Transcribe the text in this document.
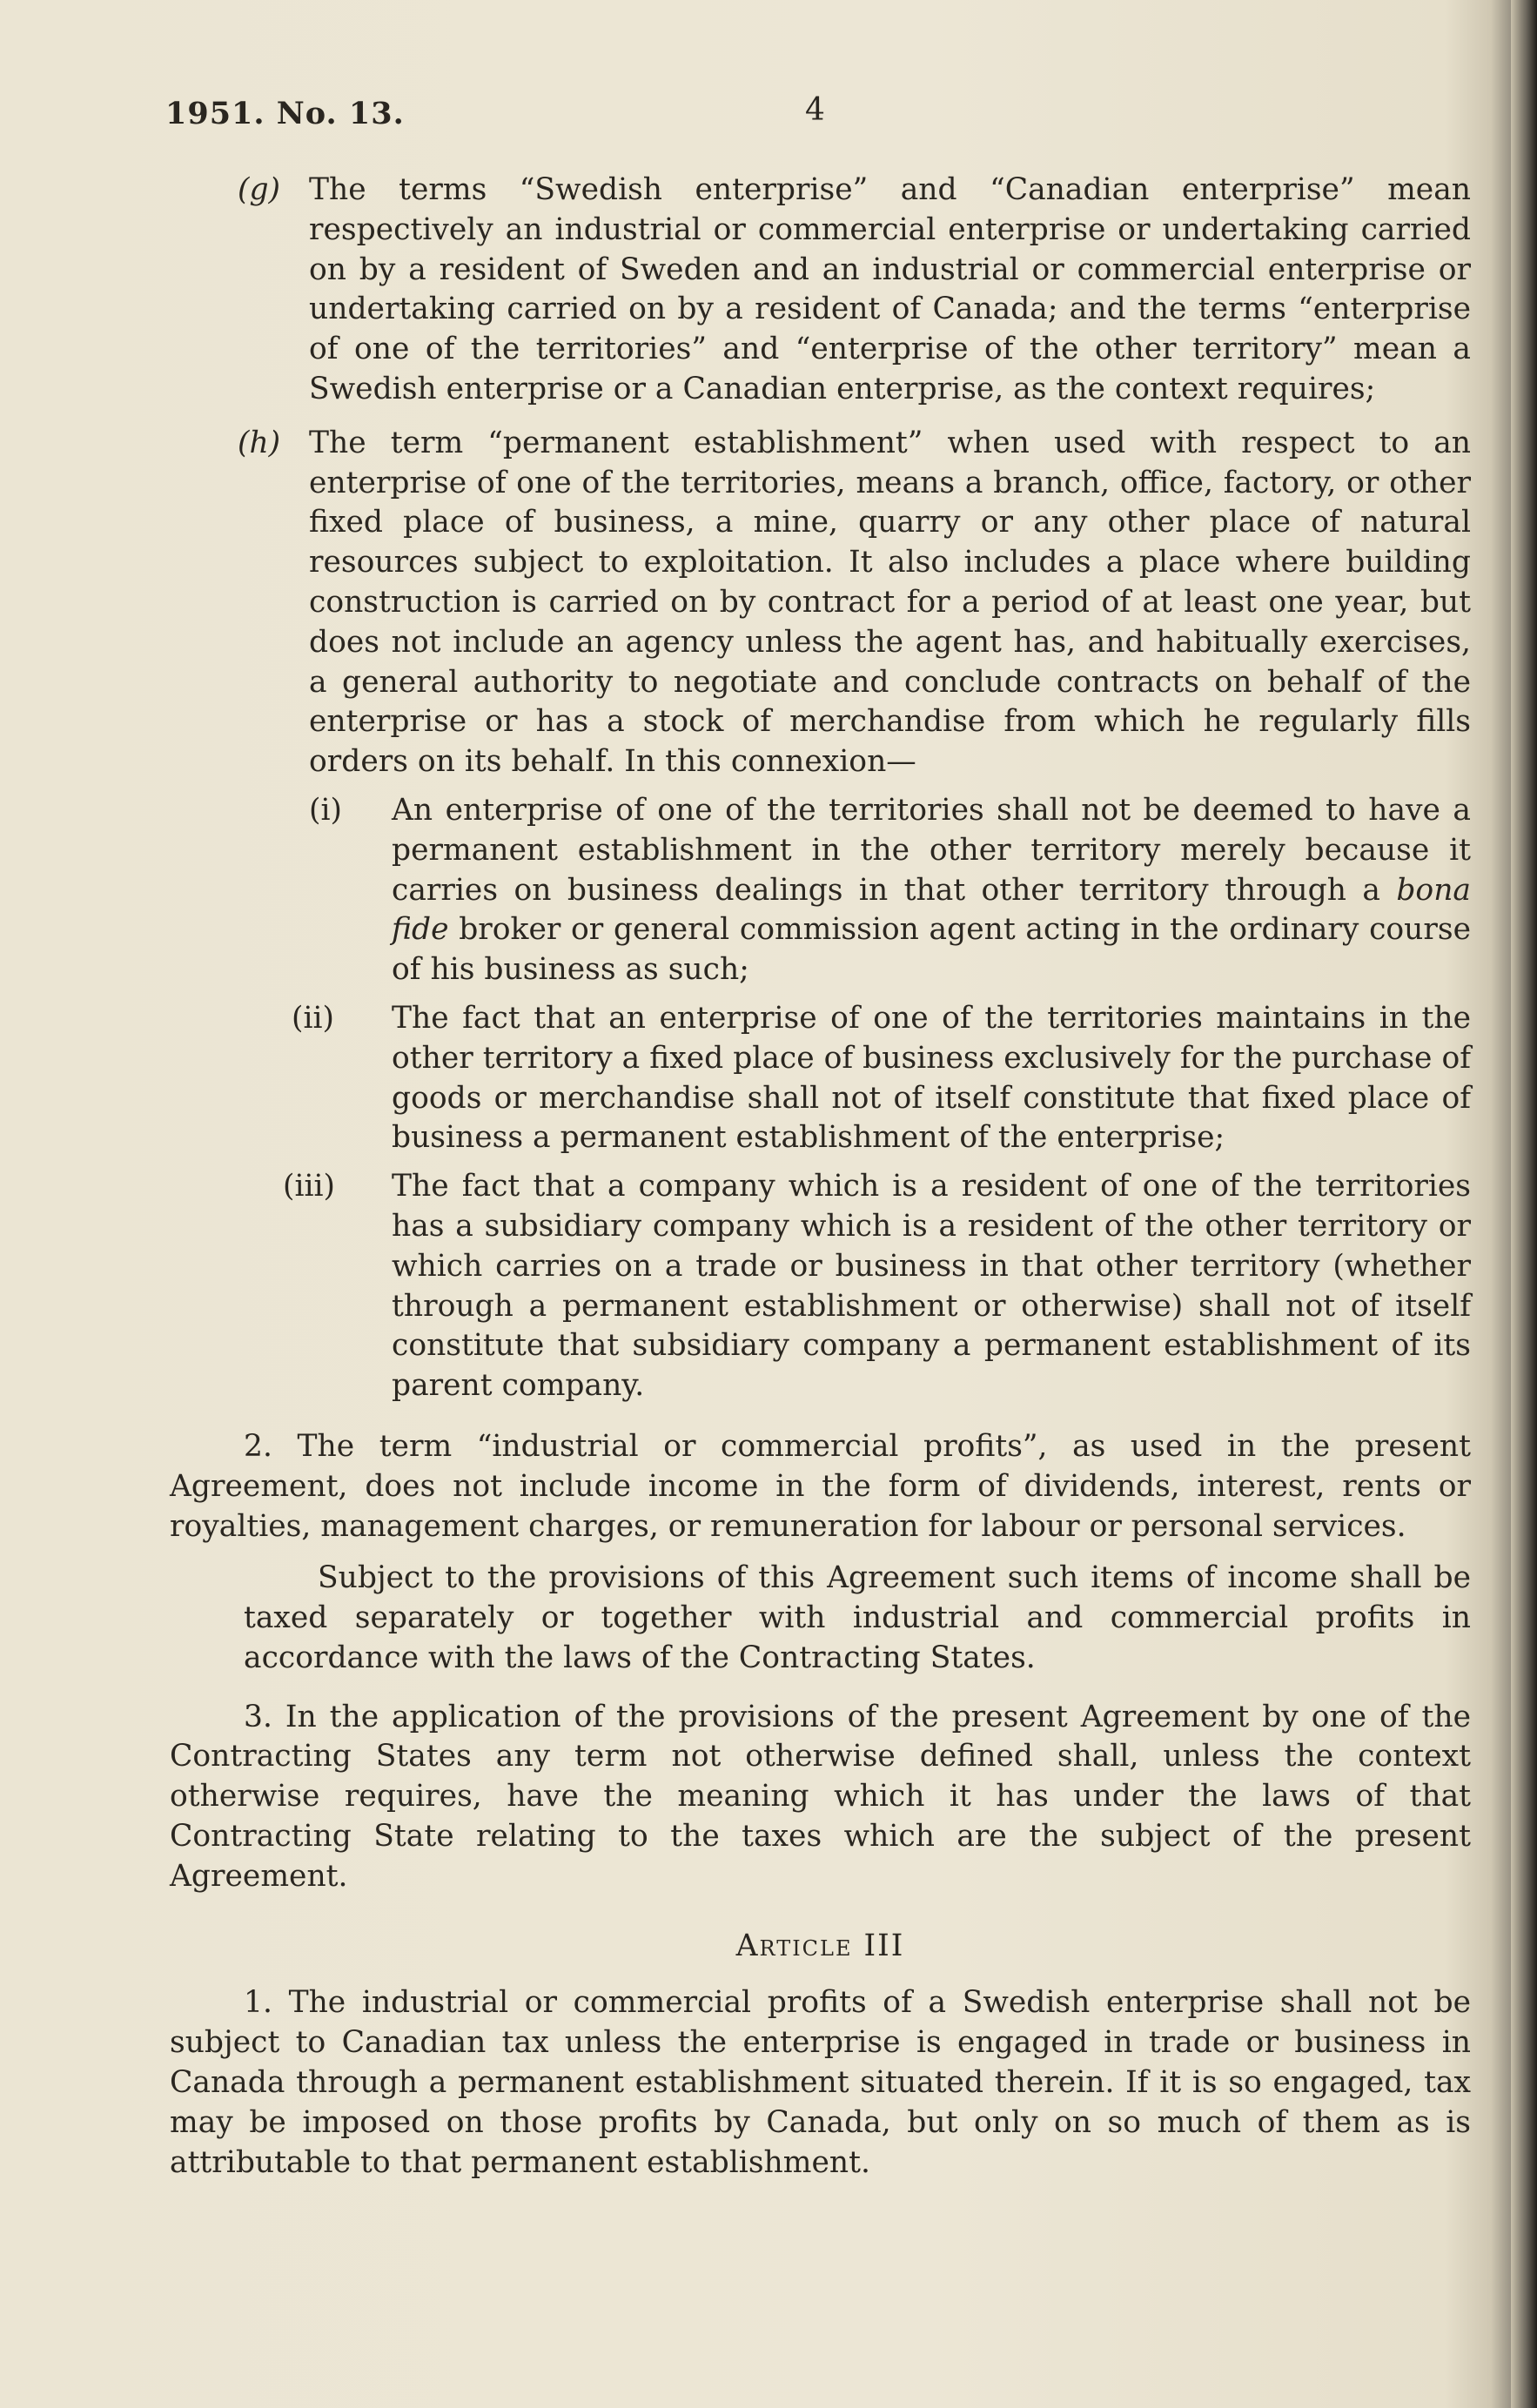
1951. No. 13.	4
(g) The terms “Swedish enterprise” and “Canadian enterprise” mean respectively an industrial or commercial enterprise or undertaking carried on by a resident of Sweden and an industrial or commercial enterprise or undertaking carried on by a resident of Canada; and the terms “enterprise of one of the territories” and “enterprise of the other territory” mean a Swedish enterprise or a Canadian enterprise, as the context requires;
(h) The term “permanent establishment” when used with respect to an enterprise of one of the territories, means a branch, office, factory, or other fixed place of business, a mine, quarry or any other place of natural resources subject to exploitation. It also includes a place where building construction is carried on by contract for a period of at least one year, but does not include an agency unless the agent has, and habitually exercises, a general authority to negotiate and conclude contracts on behalf of the enterprise or has a stock of merchandise from which he regularly fills orders on its behalf. In this connexion—
(i) An enterprise of one of the territories shall not be deemed to have a permanent establishment in the other territory merely because it carries on business dealings in that other territory through a bona fide broker or general commission agent acting in the ordinary course of his business as such;
(ii) The fact that an enterprise of one of the territories maintains in the other territory a fixed place of business exclusively for the purchase of goods or merchandise shall not of itself constitute that fixed place of business a permanent establishment of the enterprise;
(iii) The fact that a company which is a resident of one of the territories has a subsidiary company which is a resident of the other territory or which carries on a trade or business in that other territory (whether through a permanent establishment or otherwise) shall not of itself constitute that subsidiary company a permanent establishment of its parent company.

2. The term “industrial or commercial profits”, as used in the present Agreement, does not include income in the form of dividends, interest, rents or royalties, management charges, or remuneration for labour or personal services.

Subject to the provisions of this Agreement such items of income shall be taxed separately or together with industrial and commercial profits in accordance with the laws of the Contracting States.

3. In the application of the provisions of the present Agreement by one of the Contracting States any term not otherwise defined shall, unless the context otherwise requires, have the meaning which it has under the laws of that Contracting State relating to the taxes which are the subject of the present Agreement.

Article III

1. The industrial or commercial profits of a Swedish enterprise shall not be subject to Canadian tax unless the enterprise is engaged in trade or business in Canada through a permanent establishment situated therein. If it is so engaged, tax may be imposed on those profits by Canada, but only on so much of them as is attributable to that permanent establishment.
